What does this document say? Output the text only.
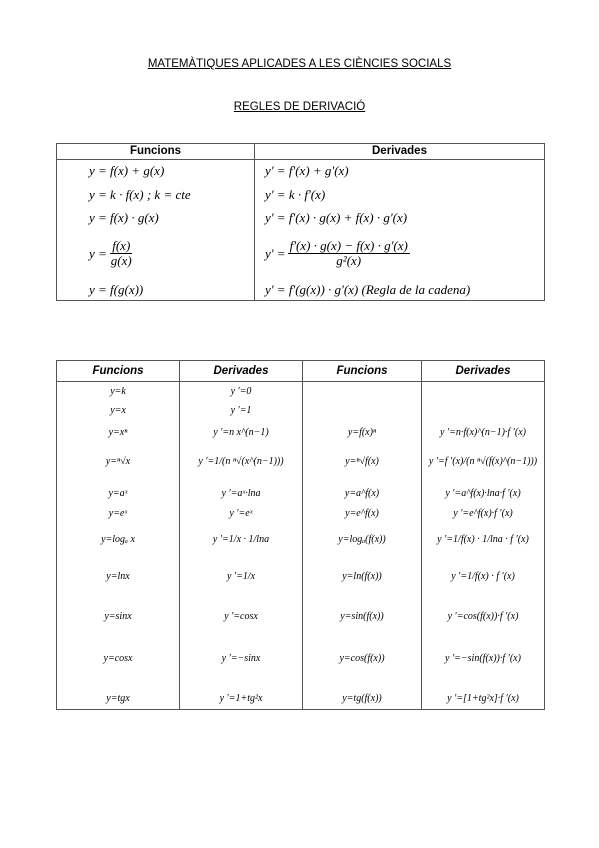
MATEMÀTIQUES APLICADES A LES CIÈNCIES SOCIALS
REGLES DE DERIVACIÓ
Funcions	Derivades
y = f(x) + g(x)	y' = f'(x) + g'(x)
y = k · f(x) ; k = cte	y' = k · f'(x)
y = f(x) · g(x)	y' = f'(x) · g(x) + f(x) · g'(x)
$y = \frac{f(x)}{g(x)}$	$y' = \frac{f'(x) \cdot g(x) - f(x) \cdot g'(x)}{\text{g²(x)}}$
y = f(g(x))	y' = f'(g(x)) · g'(x) (Regla de la cadena)
Funcions	Derivades	Funcions	Derivades
y=k	y ′=0
y=x	y ′=1
y=xⁿ	y ′=n x^(n−1)	y=f(x)ⁿ	y ′=n·f(x)^(n−1)·f ′(x)
y=ⁿ√x	y ′=1/(n ⁿ√(x^(n−1)))	y=ⁿ√f(x)	y ′=f ′(x)/(n ⁿ√(f(x)^(n−1)))
y=aˣ	y ′=aˣ·lna	y=a^f(x)	y ′=a^f(x)·lna·f ′(x)
y=eˣ	y ′=eˣ	y=e^f(x)	y ′=e^f(x)·f ′(x)
y=logₐ x	y ′=1/x · 1/lna	y=logₐ(f(x))	y ′=1/f(x) · 1/lna · f ′(x)
y=lnx	y ′=1/x	y=ln(f(x))	y ′=1/f(x) · f ′(x)
y=sinx	y ′=cosx	y=sin(f(x))	y ′=cos(f(x))·f ′(x)
y=cosx	y ′=−sinx	y=cos(f(x))	y ′=−sin(f(x))·f ′(x)
y=tgx	y ′=1+tg²x	y=tg(f(x))	y ′=[1+tg²x]·f ′(x)
